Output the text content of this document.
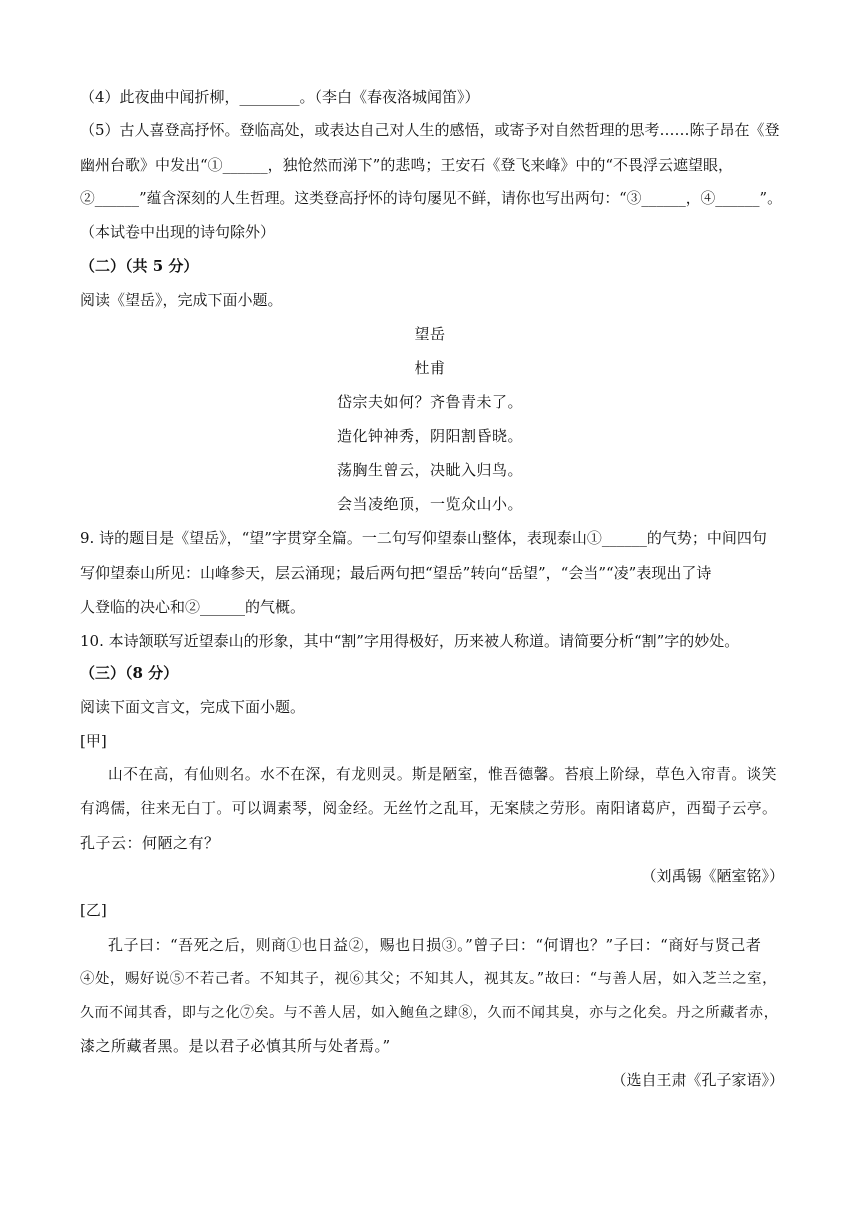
（4）此夜曲中闻折柳，________。（李白《春夜洛城闻笛》）
（5）古人喜登高抒怀。登临高处，或表达自己对人生的感悟，或寄予对自然哲理的思考……陈子昂在《登
幽州台歌》中发出“①______，独怆然而涕下”的悲鸣；王安石《登飞来峰》中的“不畏浮云遮望眼，
②______”蕴含深刻的人生哲理。这类登高抒怀的诗句屡见不鲜，请你也写出两句：“③______，④______”。
（本试卷中出现的诗句除外）
（二）（共 5 分）
阅读《望岳》，完成下面小题。
望岳
杜甫
岱宗夫如何？齐鲁青未了。
造化钟神秀，阴阳割昏晓。
荡胸生曾云，决眦入归鸟。
会当凌绝顶，一览众山小。
9. 诗的题目是《望岳》，“望”字贯穿全篇。一二句写仰望泰山整体，表现泰山①______的气势；中间四句
写仰望泰山所见：山峰参天，层云涌现；最后两句把“望岳”转向“岳望”，“会当”“凌”表现出了诗
人登临的决心和②______的气概。
10. 本诗颔联写近望泰山的形象，其中“割”字用得极好，历来被人称道。请简要分析“割”字的妙处。
（三）（8 分）
阅读下面文言文，完成下面小题。
[甲]
山不在高，有仙则名。水不在深，有龙则灵。斯是陋室，惟吾德馨。苔痕上阶绿，草色入帘青。谈笑
有鸿儒，往来无白丁。可以调素琴，阅金经。无丝竹之乱耳，无案牍之劳形。南阳诸葛庐，西蜀子云亭。
孔子云：何陋之有？
（刘禹锡《陋室铭》）
[乙]
孔子曰：“吾死之后，则商①也日益②，赐也日损③。”曾子曰：“何谓也？”子曰：“商好与贤己者
④处，赐好说⑤不若己者。不知其子，视⑥其父；不知其人，视其友。”故曰：“与善人居，如入芝兰之室，
久而不闻其香，即与之化⑦矣。与不善人居，如入鲍鱼之肆⑧，久而不闻其臭，亦与之化矣。丹之所藏者赤，
漆之所藏者黑。是以君子必慎其所与处者焉。”
（选自王肃《孔子家语》）
